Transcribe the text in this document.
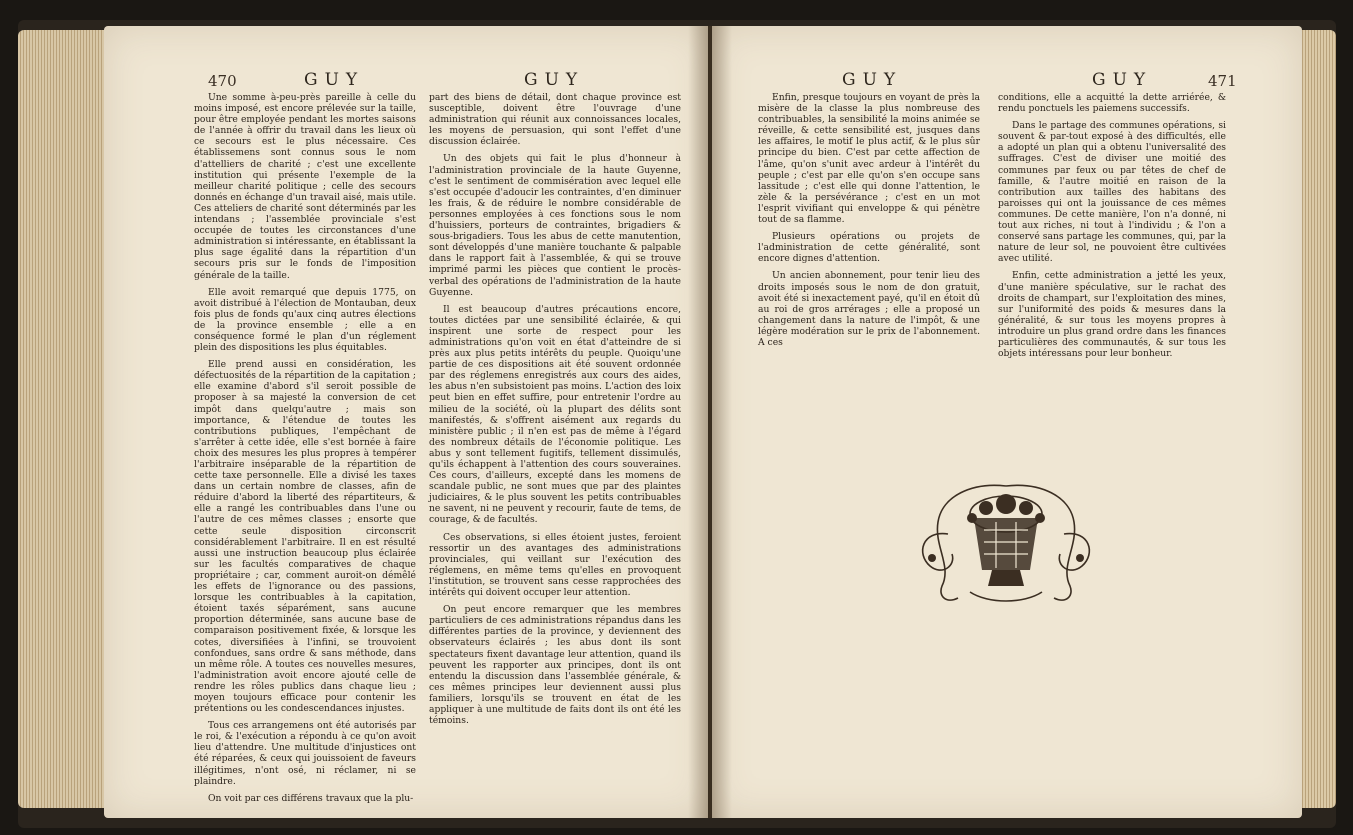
470	GUY	GUY

Une somme à-peu-près pareille à celle du moins imposé, est encore prélevée sur la taille, pour être employée pendant les mortes saisons de l'année à offrir du travail dans les lieux où ce secours est le plus nécessaire. Ces établissemens sont connus sous le nom d'attelliers de charité ; c'est une excellente institution qui présente l'exemple de la meilleur charité politique ; celle des secours donnés en échange d'un travail aisé, mais utile. Ces atteliers de charité sont déterminés par les intendans ; l'assemblée provinciale s'est occupée de toutes les circonstances d'une administration si intéressante, en établissant la plus sage égalité dans la répartition d'un secours pris sur le fonds de l'imposition générale de la taille.

Elle avoit remarqué que depuis 1775, on avoit distribué à l'élection de Montauban, deux fois plus de fonds qu'aux cinq autres élections de la province ensemble ; elle a en conséquence formé le plan d'un réglement plein des dispositions les plus équitables.

Elle prend aussi en considération, les défectuosités de la répartition de la capitation ; elle examine d'abord s'il seroit possible de proposer à sa majesté la conversion de cet impôt dans quelqu'autre ; mais son importance, & l'étendue de toutes les contributions publiques, l'empêchant de s'arrêter à cette idée, elle s'est bornée à faire choix des mesures les plus propres à tempérer l'arbitraire inséparable de la répartition de cette taxe personnelle. Elle a divisé les taxes dans un certain nombre de classes, afin de réduire d'abord la liberté des répartiteurs, & elle a rangé les contribuables dans l'une ou l'autre de ces mêmes classes ; ensorte que cette seule disposition circonscrit considérablement l'arbitraire. Il en est résulté aussi une instruction beaucoup plus éclairée sur les facultés comparatives de chaque propriétaire ; car, comment auroit-on démêlé les effets de l'ignorance ou des passions, lorsque les contribuables à la capitation, étoient taxés séparément, sans aucune proportion déterminée, sans aucune base de comparaison positivement fixée, & lorsque les cotes, diversifiées à l'infini, se trouvoient confondues, sans ordre & sans méthode, dans un même rôle. A toutes ces nouvelles mesures, l'administration avoit encore ajouté celle de rendre les rôles publics dans chaque lieu ; moyen toujours efficace pour contenir les prétentions ou les condescendances injustes.

Tous ces arrangemens ont été autorisés par le roi, & l'exécution a répondu à ce qu'on avoit lieu d'attendre. Une multitude d'injustices ont été réparées, & ceux qui jouissoient de faveurs illégitimes, n'ont osé, ni réclamer, ni se plaindre.

On voit par ces différens travaux que la plu-

part des biens de détail, dont chaque province est susceptible, doivent être l'ouvrage d'une administration qui réunit aux connoissances locales, les moyens de persuasion, qui sont l'effet d'une discussion éclairée.

Un des objets qui fait le plus d'honneur à l'administration provinciale de la haute Guyenne, c'est le sentiment de commisération avec lequel elle s'est occupée d'adoucir les contraintes, d'en diminuer les frais, & de réduire le nombre considérable de personnes employées à ces fonctions sous le nom d'huissiers, porteurs de contraintes, brigadiers & sous-brigadiers. Tous les abus de cette manutention, sont développés d'une manière touchante & palpable dans le rapport fait à l'assemblée, & qui se trouve imprimé parmi les pièces que contient le procès-verbal des opérations de l'administration de la haute Guyenne.

Il est beaucoup d'autres précautions encore, toutes dictées par une sensibilité éclairée, & qui inspirent une sorte de respect pour les administrations qu'on voit en état d'atteindre de si près aux plus petits intérêts du peuple. Quoiqu'une partie de ces dispositions ait été souvent ordonnée par des réglemens enregistrés aux cours des aides, les abus n'en subsistoient pas moins. L'action des loix peut bien en effet suffire, pour entretenir l'ordre au milieu de la société, où la plupart des délits sont manifestés, & s'offrent aisément aux regards du ministère public ; il n'en est pas de même à l'égard des nombreux détails de l'économie politique. Les abus y sont tellement fugitifs, tellement dissimulés, qu'ils échappent à l'attention des cours souveraines. Ces cours, d'ailleurs, excepté dans les momens de scandale public, ne sont mues que par des plaintes judiciaires, & le plus souvent les petits contribuables ne savent, ni ne peuvent y recourir, faute de tems, de courage, & de facultés.

Ces observations, si elles étoient justes, feroient ressortir un des avantages des administrations provinciales, qui veillant sur l'exécution des réglemens, en même tems qu'elles en provoquent l'institution, se trouvent sans cesse rapprochées des intérêts qui doivent occuper leur attention.

On peut encore remarquer que les membres particuliers de ces administrations répandus dans les différentes parties de la province, y deviennent des observateurs éclairés ; les abus dont ils sont spectateurs fixent davantage leur attention, quand ils peuvent les rapporter aux principes, dont ils ont entendu la discussion dans l'assemblée générale, & ces mêmes principes leur deviennent aussi plus familiers, lorsqu'ils se trouvent en état de les appliquer à une multitude de faits dont ils ont été les témoins.

GUY	GUY	471

Enfin, presque toujours en voyant de près la misère de la classe la plus nombreuse des contribuables, la sensibilité la moins animée se réveille, & cette sensibilité est, jusques dans les affaires, le motif le plus actif, & le plus sûr principe du bien. C'est par cette affection de l'âme, qu'on s'unit avec ardeur à l'intérêt du peuple ; c'est par elle qu'on s'en occupe sans lassitude ; c'est elle qui donne l'attention, le zèle & la persévérance ; c'est en un mot l'esprit vivifiant qui enveloppe & qui pénètre tout de sa flamme.

Plusieurs opérations ou projets de l'administration de cette généralité, sont encore dignes d'attention.

Un ancien abonnement, pour tenir lieu des droits imposés sous le nom de don gratuit, avoit été si inexactement payé, qu'il en étoit dû au roi de gros arrérages ; elle a proposé un changement dans la nature de l'impôt, & une légère modération sur le prix de l'abonnement. A ces

conditions, elle a acquitté la dette arriérée, & rendu ponctuels les paiemens successifs.

Dans le partage des communes opérations, si souvent & par-tout exposé à des difficultés, elle a adopté un plan qui a obtenu l'universalité des suffrages. C'est de diviser une moitié des communes par feux ou par têtes de chef de famille, & l'autre moitié en raison de la contribution aux tailles des habitans des paroisses qui ont la jouissance de ces mêmes communes. De cette manière, l'on n'a donné, ni tout aux riches, ni tout à l'individu ; & l'on a conservé sans partage les communes, qui, par la nature de leur sol, ne pouvoient être cultivées avec utilité.

Enfin, cette administration a jetté les yeux, d'une manière spéculative, sur le rachat des droits de champart, sur l'exploitation des mines, sur l'uniformité des poids & mesures dans la généralité, & sur tous les moyens propres à introduire un plus grand ordre dans les finances particulières des communautés, & sur tous les objets intéressans pour leur bonheur.
